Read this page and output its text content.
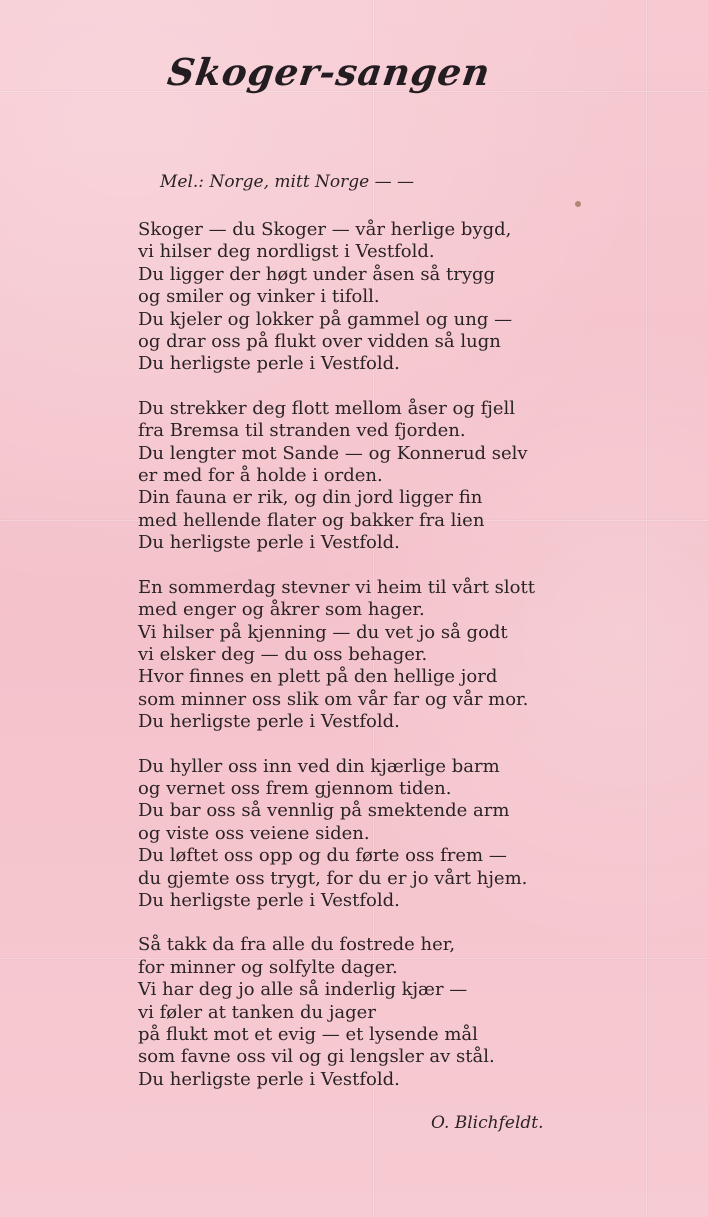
Skoger-sangen
Mel.: Norge, mitt Norge — —
Skoger — du Skoger — vår herlige bygd,
vi hilser deg nordligst i Vestfold.
Du ligger der høgt under åsen så trygg
og smiler og vinker i tifoll.
Du kjeler og lokker på gammel og ung —
og drar oss på flukt over vidden så lugn
Du herligste perle i Vestfold.
Du strekker deg flott mellom åser og fjell
fra Bremsa til stranden ved fjorden.
Du lengter mot Sande — og Konnerud selv
er med for å holde i orden.
Din fauna er rik, og din jord ligger fin
med hellende flater og bakker fra lien
Du herligste perle i Vestfold.
En sommerdag stevner vi heim til vårt slott
med enger og åkrer som hager.
Vi hilser på kjenning — du vet jo så godt
vi elsker deg — du oss behager.
Hvor finnes en plett på den hellige jord
som minner oss slik om vår far og vår mor.
Du herligste perle i Vestfold.
Du hyller oss inn ved din kjærlige barm
og vernet oss frem gjennom tiden.
Du bar oss så vennlig på smektende arm
og viste oss veiene siden.
Du løftet oss opp og du førte oss frem —
du gjemte oss trygt, for du er jo vårt hjem.
Du herligste perle i Vestfold.
Så takk da fra alle du fostrede her,
for minner og solfylte dager.
Vi har deg jo alle så inderlig kjær —
vi føler at tanken du jager
på flukt mot et evig — et lysende mål
som favne oss vil og gi lengsler av stål.
Du herligste perle i Vestfold.
O. Blichfeldt.
